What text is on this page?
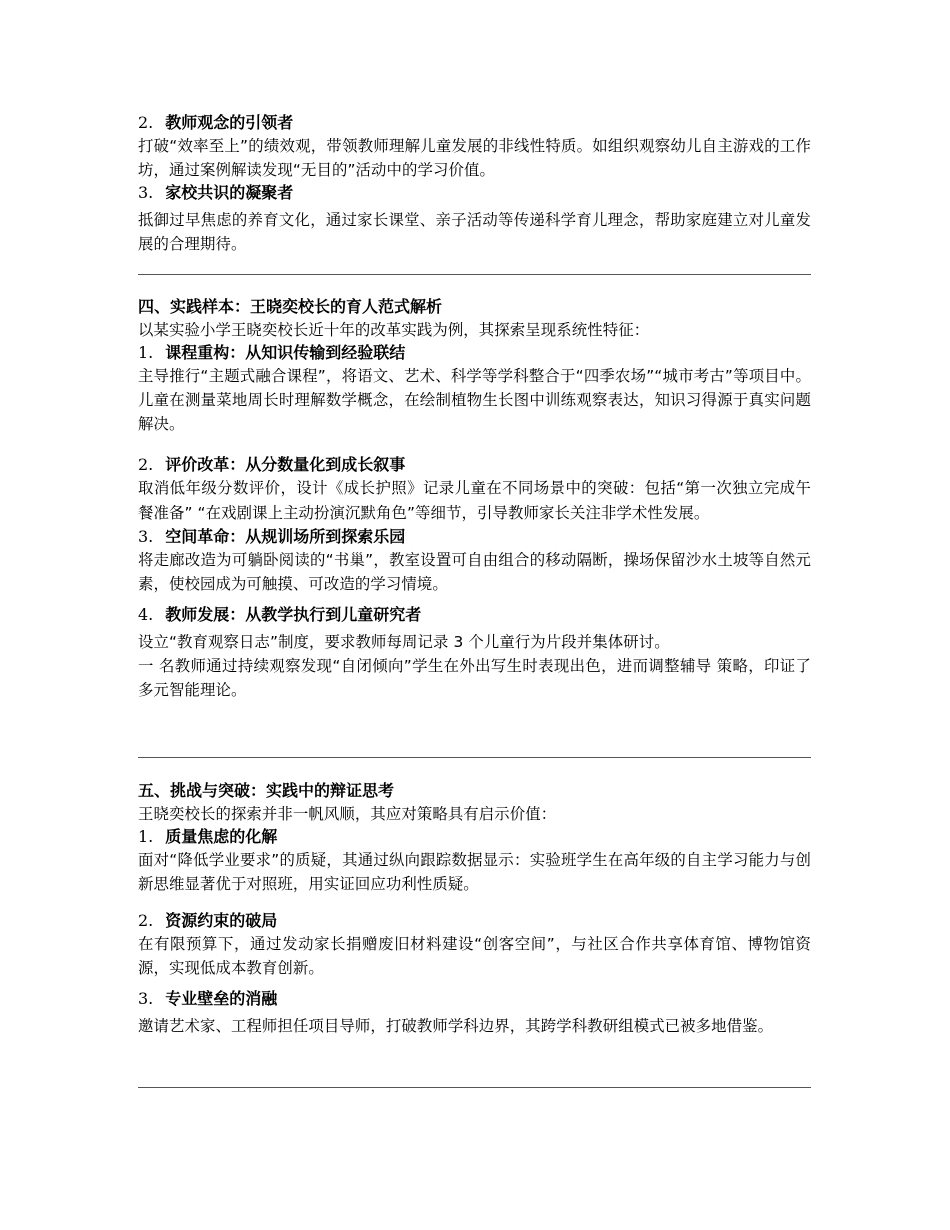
2. 教师观念的引领者
打破“效率至上”的绩效观，带领教师理解儿童发展的非线性特质。如组织观察幼儿自主游戏的工作坊，通过案例解读发现“无目的”活动中的学习价值。
3. 家校共识的凝聚者
抵御过早焦虑的养育文化，通过家长课堂、亲子活动等传递科学育儿理念，帮助家庭建立对儿童发展的合理期待。
四、实践样本：王晓奕校长的育人范式解析
以某实验小学王晓奕校长近十年的改革实践为例，其探索呈现系统性特征：
1. 课程重构：从知识传输到经验联结
主导推行“主题式融合课程”，将语文、艺术、科学等学科整合于“四季农场”“城市考古”等项目中。儿童在测量菜地周长时理解数学概念，在绘制植物生长图中训练观察表达，知识习得源于真实问题解决。
2. 评价改革：从分数量化到成长叙事
取消低年级分数评价，设计《成长护照》记录儿童在不同场景中的突破：包括“第一次独立完成午餐准备” “在戏剧课上主动扮演沉默角色”等细节，引导教师家长关注非学术性发展。
3. 空间革命：从规训场所到探索乐园
将走廊改造为可躺卧阅读的“书巢”，教室设置可自由组合的移动隔断，操场保留沙水土坡等自然元素，使校园成为可触摸、可改造的学习情境。
4. 教师发展：从教学执行到儿童研究者
设立“教育观察日志”制度，要求教师每周记录 3 个儿童行为片段并集体研讨。
一 名教师通过持续观察发现“自闭倾向”学生在外出写生时表现出色，进而调整辅导 策略，印证了多元智能理论。
五、挑战与突破：实践中的辩证思考
王晓奕校长的探索并非一帆风顺，其应对策略具有启示价值：
1. 质量焦虑的化解
面对“降低学业要求”的质疑，其通过纵向跟踪数据显示：实验班学生在高年级的自主学习能力与创新思维显著优于对照班，用实证回应功利性质疑。
2. 资源约束的破局
在有限预算下，通过发动家长捐赠废旧材料建设“创客空间”，与社区合作共享体育馆、博物馆资源，实现低成本教育创新。
3. 专业壁垒的消融
邀请艺术家、工程师担任项目导师，打破教师学科边界，其跨学科教研组模式已被多地借鉴。
